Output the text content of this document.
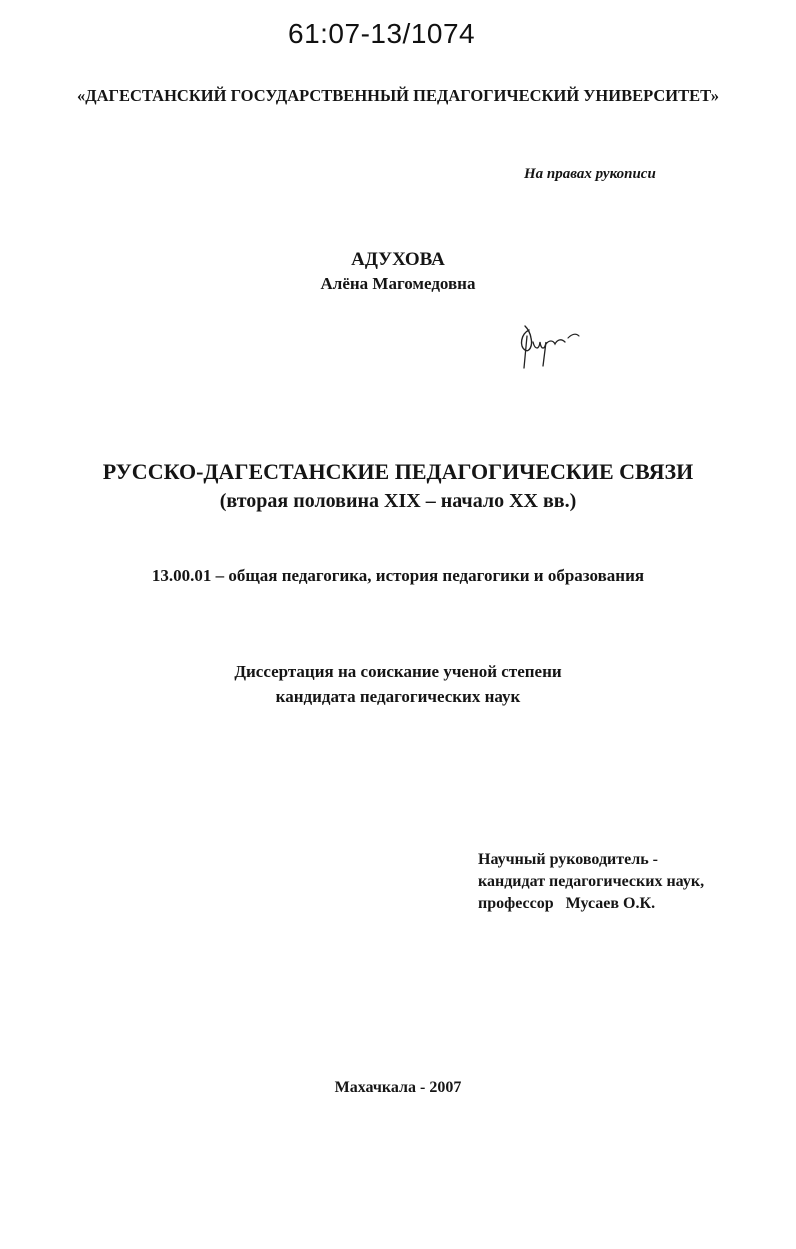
61:07-13/1074
«ДАГЕСТАНСКИЙ ГОСУДАРСТВЕННЫЙ ПЕДАГОГИЧЕСКИЙ УНИВЕРСИТЕТ»
На правах рукописи
АДУХОВА
Алёна Магомедовна
РУССКО-ДАГЕСТАНСКИЕ ПЕДАГОГИЧЕСКИЕ СВЯЗИ
(вторая половина XIX – начало XX вв.)
13.00.01 – общая педагогика, история педагогики и образования
Диссертация на соискание ученой степени
кандидата педагогических наук
Научный руководитель -
кандидат педагогических наук,
профессор   Мусаев О.К.
Махачкала - 2007
